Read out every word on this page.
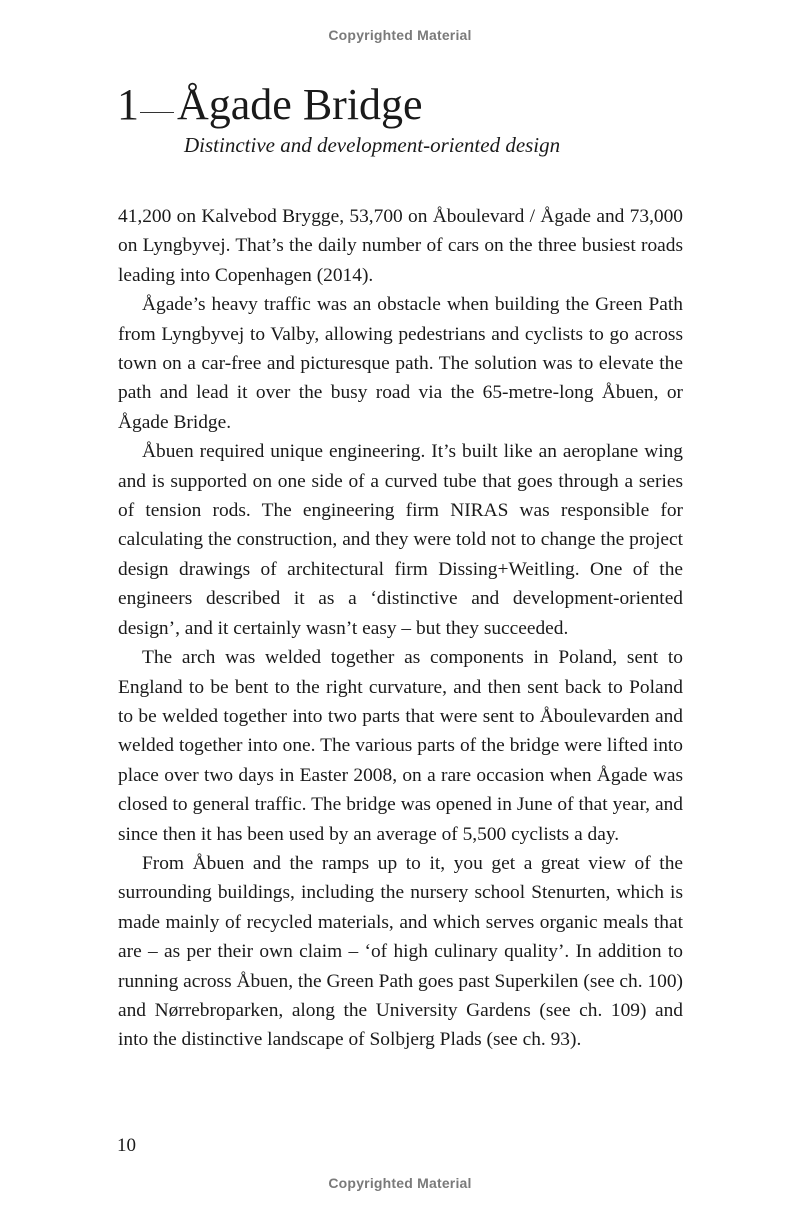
Copyrighted Material
1 Ågade Bridge
Distinctive and development-oriented design

41,200 on Kalvebod Brygge, 53,700 on Åboulevard / Ågade and 73,000 on Lyngbyvej. That’s the daily number of cars on the three busiest roads leading into Copenhagen (2014).

Ågade’s heavy traffic was an obstacle when building the Green Path from Lyngbyvej to Valby, allowing pedestrians and cyclists to go across town on a car-free and picturesque path. The solution was to elevate the path and lead it over the busy road via the 65-metre-long Åbuen, or Ågade Bridge.

Åbuen required unique engineering. It’s built like an aeroplane wing and is supported on one side of a curved tube that goes through a series of tension rods. The engineering firm NIRAS was responsible for calculating the construction, and they were told not to change the project design drawings of architectural firm Dissing+Weitling. One of the engineers described it as a ‘distinctive and development-oriented design’, and it certainly wasn’t easy – but they succeeded.

The arch was welded together as components in Poland, sent to England to be bent to the right curvature, and then sent back to Poland to be welded together into two parts that were sent to Åboulevarden and welded together into one. The various parts of the bridge were lifted into place over two days in Easter 2008, on a rare occasion when Ågade was closed to general traffic. The bridge was opened in June of that year, and since then it has been used by an average of 5,500 cyclists a day.

From Åbuen and the ramps up to it, you get a great view of the surrounding buildings, including the nursery school Stenurten, which is made mainly of recycled materials, and which serves organic meals that are – as per their own claim – ‘of high culinary quality’. In addition to running across Åbuen, the Green Path goes past Superkilen (see ch. 100) and Nørrebroparken, along the University Gardens (see ch. 109) and into the distinctive landscape of Solbjerg Plads (see ch. 93).

10
Copyrighted Material
